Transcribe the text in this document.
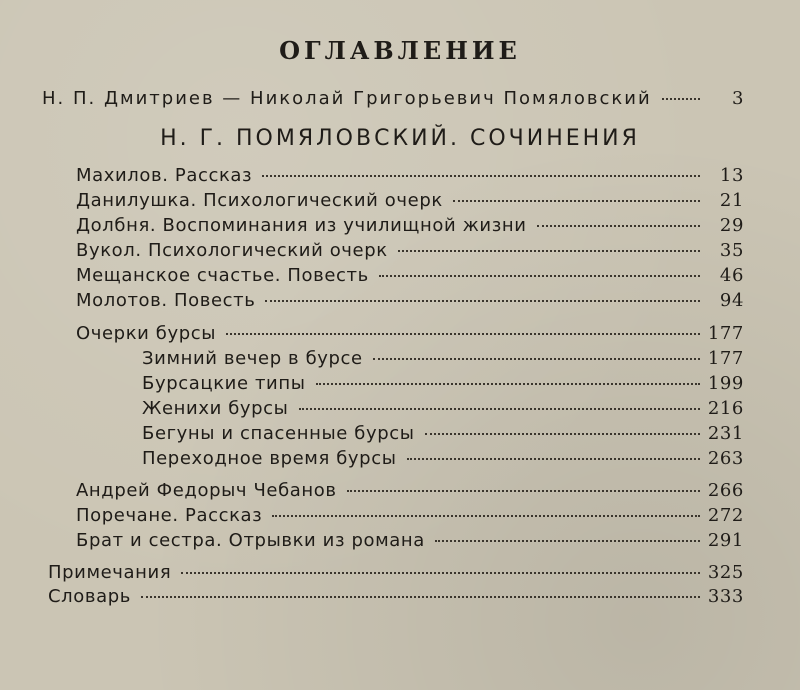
ОГЛАВЛЕНИЕ
Н. П. Дмитриев — Николай Григорьевич Помяловский	3
Н. Г. ПОМЯЛОВСКИЙ. СОЧИНЕНИЯ
Махилов. Рассказ	13
Данилушка. Психологический очерк	21
Долбня. Воспоминания из училищной жизни	29
Вукол. Психологический очерк	35
Мещанское счастье. Повесть	46
Молотов. Повесть	94
Очерки бурсы	177
Зимний вечер в бурсе	177
Бурсацкие типы	199
Женихи бурсы	216
Бегуны и спасенные бурсы	231
Переходное время бурсы	263
Андрей Федорыч Чебанов	266
Поречане. Рассказ	272
Брат и сестра. Отрывки из романа	291
Примечания	325
Словарь	333
